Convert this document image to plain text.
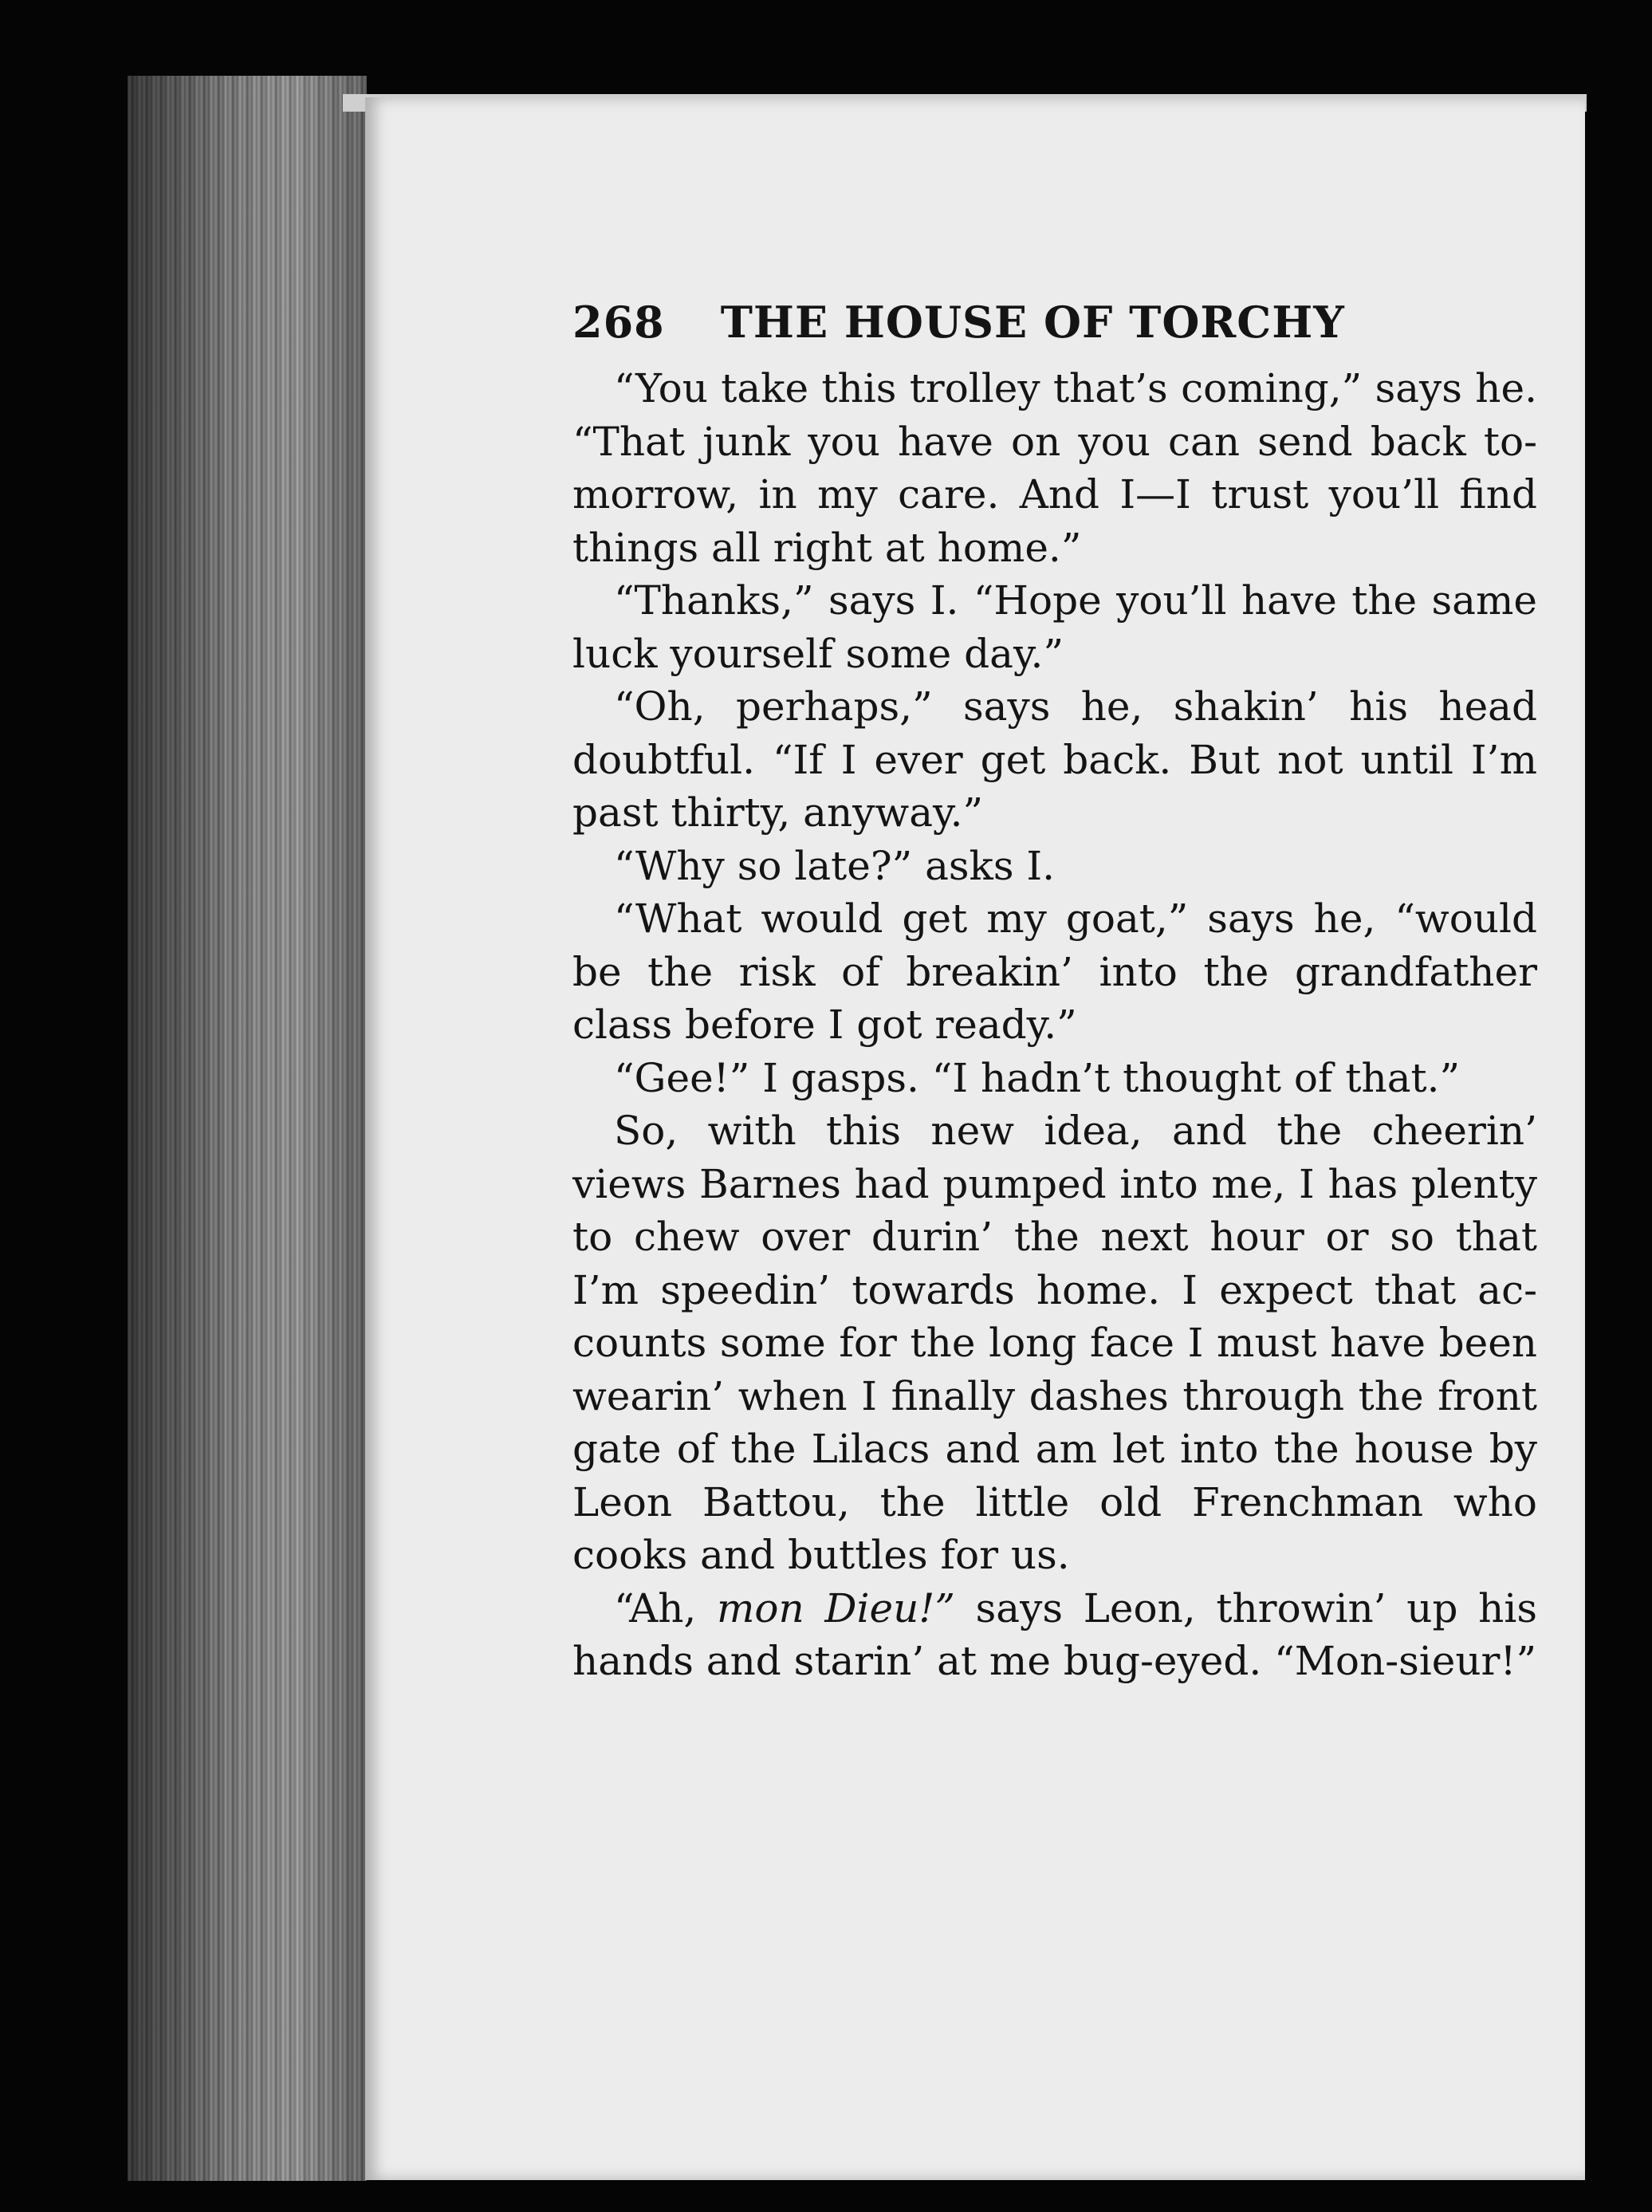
268 THE HOUSE OF TORCHY

“You take this trolley that’s coming,” says he. “That junk you have on you can send back to-morrow, in my care. And I—I trust you’ll find things all right at home.”

“Thanks,” says I. “Hope you’ll have the same luck yourself some day.”

“Oh, perhaps,” says he, shakin’ his head doubtful. “If I ever get back. But not until I’m past thirty, anyway.”

“Why so late?” asks I.

“What would get my goat,” says he, “would be the risk of breakin’ into the grandfather class before I got ready.”

“Gee!” I gasps. “I hadn’t thought of that.”

So, with this new idea, and the cheerin’ views Barnes had pumped into me, I has plenty to chew over durin’ the next hour or so that I’m speedin’ towards home. I expect that ac-counts some for the long face I must have been wearin’ when I finally dashes through the front gate of the Lilacs and am let into the house by Leon Battou, the little old Frenchman who cooks and buttles for us.

“Ah, mon Dieu!” says Leon, throwin’ up his hands and starin’ at me bug-eyed. “Mon-sieur!”
